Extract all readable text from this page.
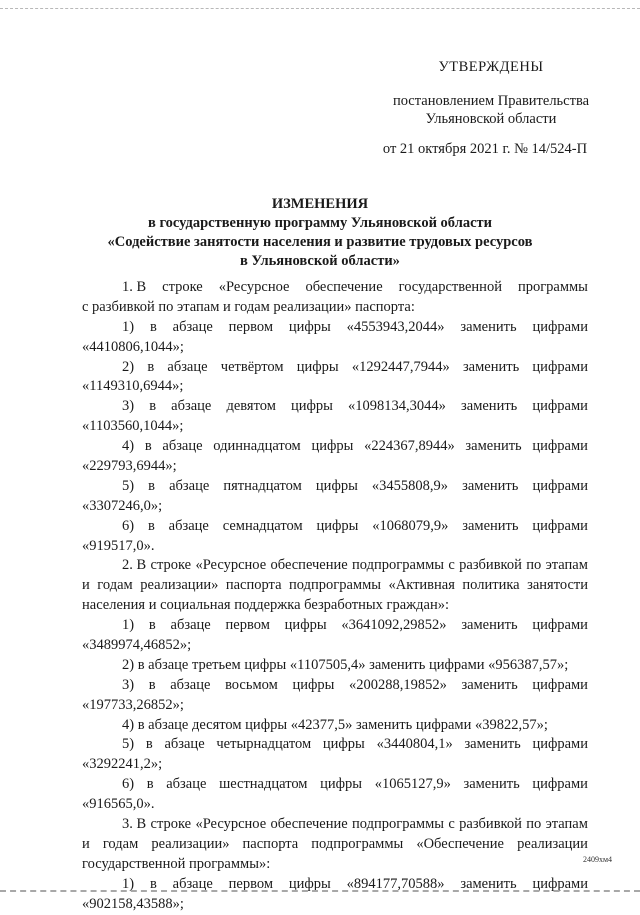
УТВЕРЖДЕНЫ
постановлением Правительства
Ульяновской области
от 21 октября 2021 г. № 14/524-П
ИЗМЕНЕНИЯ
в государственную программу Ульяновской области
«Содействие занятости населения и развитие трудовых ресурсов
в Ульяновской области»
1. В строке «Ресурсное обеспечение государственной программы
с разбивкой по этапам и годам реализации» паспорта:
1) в абзаце первом цифры «4553943,2044» заменить цифрами
«4410806,1044»;
2) в абзаце четвёртом цифры «1292447,7944» заменить цифрами
«1149310,6944»;
3) в абзаце девятом цифры «1098134,3044» заменить цифрами
«1103560,1044»;
4) в абзаце одиннадцатом цифры «224367,8944» заменить цифрами
«229793,6944»;
5) в абзаце пятнадцатом цифры «3455808,9» заменить цифрами
«3307246,0»;
6) в абзаце семнадцатом цифры «1068079,9» заменить цифрами
«919517,0».
2. В строке «Ресурсное обеспечение подпрограммы с разбивкой по этапам
и годам реализации» паспорта подпрограммы «Активная политика занятости
населения и социальная поддержка безработных граждан»:
1) в абзаце первом цифры «3641092,29852» заменить цифрами
«3489974,46852»;
2) в абзаце третьем цифры «1107505,4» заменить цифрами «956387,57»;
3) в абзаце восьмом цифры «200288,19852» заменить цифрами
«197733,26852»;
4) в абзаце десятом цифры «42377,5» заменить цифрами «39822,57»;
5) в абзаце четырнадцатом цифры «3440804,1» заменить цифрами
«3292241,2»;
6) в абзаце шестнадцатом цифры «1065127,9» заменить цифрами
«916565,0».
3. В строке «Ресурсное обеспечение подпрограммы с разбивкой по этапам
и годам реализации» паспорта подпрограммы «Обеспечение реализации
государственной программы»:
1) в абзаце первом цифры «894177,70588» заменить цифрами
«902158,43588»;
2409хм4
